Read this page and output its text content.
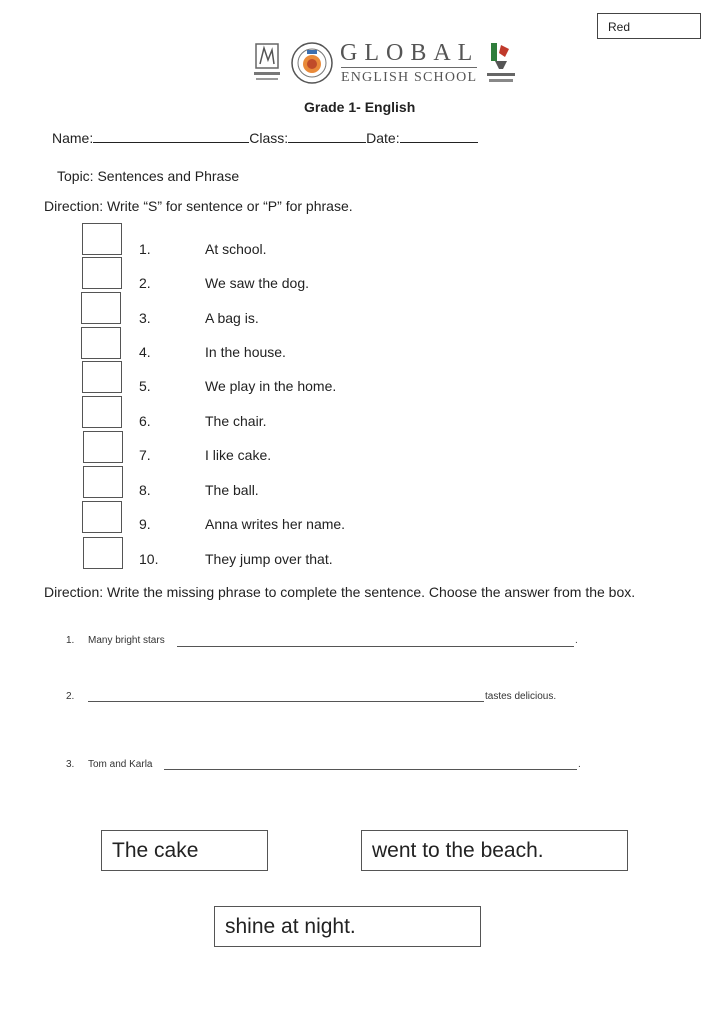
Red
GLOBAL
ENGLISH SCHOOL
Grade 1- English
Name:	Class:	Date:
Topic: Sentences and Phrase
Direction: Write “S” for sentence or “P” for phrase.
1.	At school.
2.	We saw the dog.
3.	A bag is.
4.	In the house.
5.	We play in the home.
6.	The chair.
7.	I like cake.
8.	The ball.
9.	Anna writes her name.
10.	They jump over that.
Direction: Write the missing phrase to complete the sentence. Choose the answer from the box.
1. Many bright stars	.
2.	tastes delicious.
3. Tom and Karla	.
The cake	went to the beach.
shine at night.
